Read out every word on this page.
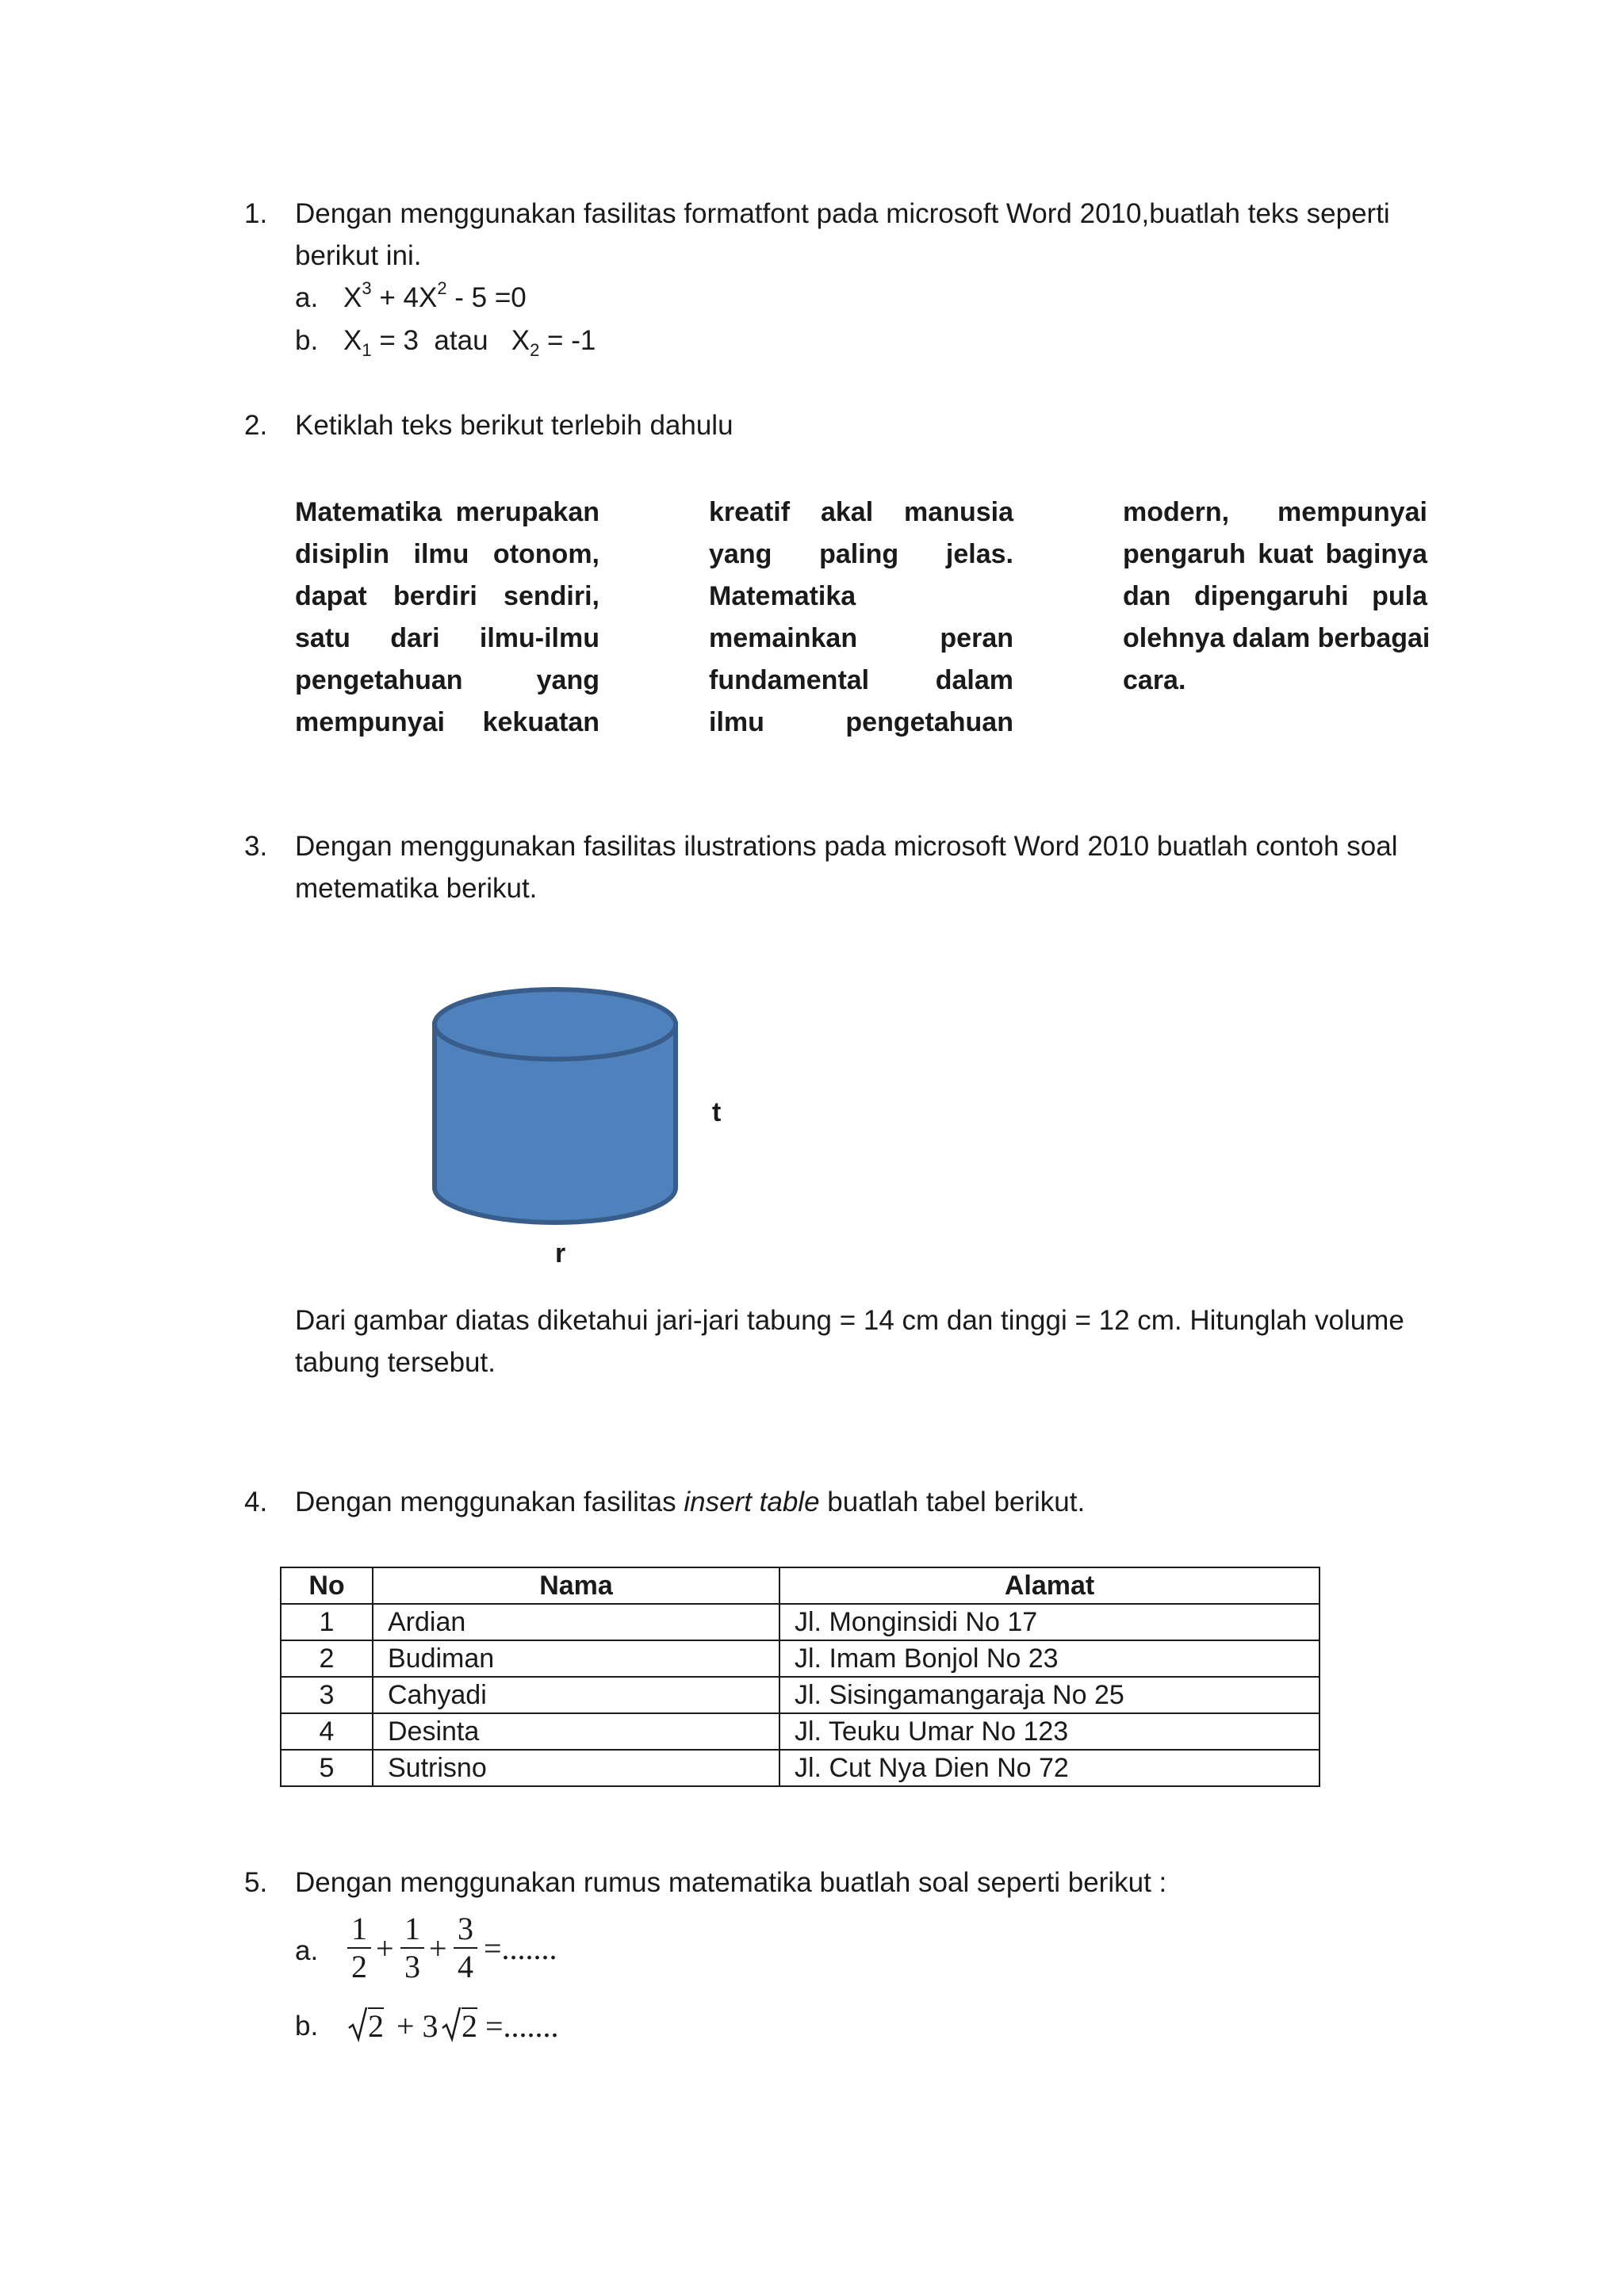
1. Dengan menggunakan fasilitas formatfont pada microsoft Word 2010,buatlah teks seperti
berikut ini.
a. $X^3 + 4X^2 - 5 =0$
b. $X_1 = 3$  atau   $X_2 = -1$
2. Ketiklah teks berikut terlebih dahulu
Matematika merupakan
disiplin ilmu otonom,
dapat berdiri sendiri,
satu dari ilmu-ilmu
pengetahuan yang
mempunyai kekuatan
kreatif akal manusia
yang paling jelas.
Matematika
memainkan peran
fundamental dalam
ilmu pengetahuan
modern, mempunyai
pengaruh kuat baginya
dan dipengaruhi pula
olehnya dalam berbagai
cara.
3. Dengan menggunakan fasilitas ilustrations pada microsoft Word 2010 buatlah contoh soal
metematika berikut.
t
r
Dari gambar diatas diketahui jari-jari tabung = 14 cm dan tinggi = 12 cm. Hitunglah volume
tabung tersebut.
4. Dengan menggunakan fasilitas insert table buatlah tabel berikut.
No	Nama	Alamat
1	Ardian	Jl. Monginsidi No 17
2	Budiman	Jl. Imam Bonjol No 23
3	Cahyadi	Jl. Sisingamangaraja No 25
4	Desinta	Jl. Teuku Umar No 123
5	Sutrisno	Jl. Cut Nya Dien No 72
5. Dengan menggunakan rumus matematika buatlah soal seperti berikut :
a. $\frac{1}{2} + \frac{1}{3} + \frac{3}{4}$ =.......
b. 2 + 3 2 =.......
